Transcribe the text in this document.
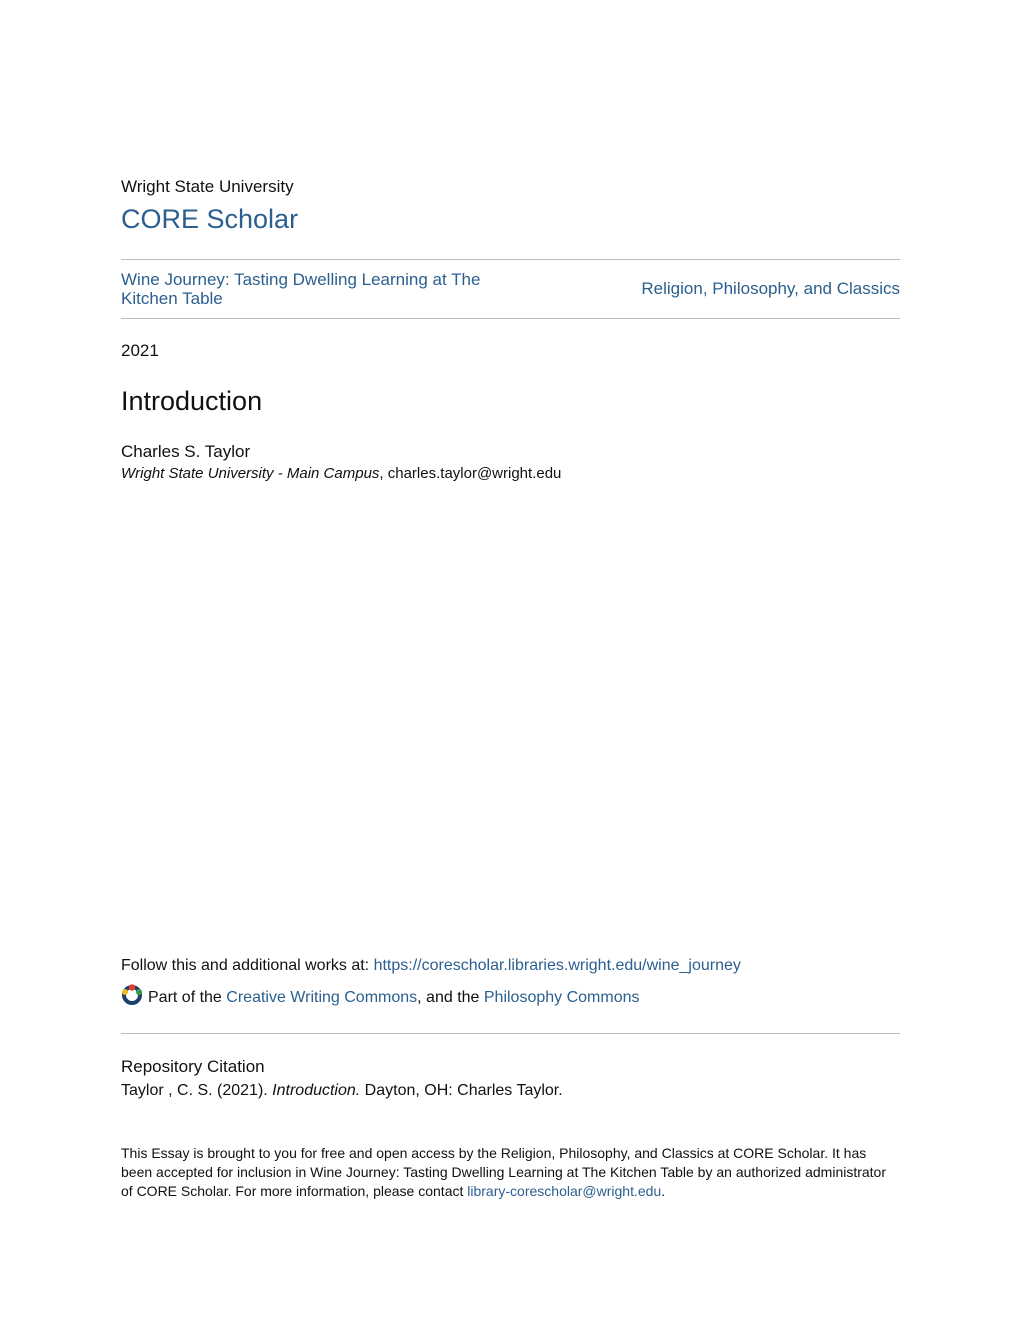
Wright State University
CORE Scholar
Wine Journey: Tasting Dwelling Learning at The Kitchen Table
Religion, Philosophy, and Classics
2021
Introduction
Charles S. Taylor
Wright State University - Main Campus, charles.taylor@wright.edu
Follow this and additional works at: https://corescholar.libraries.wright.edu/wine_journey
Part of the
Creative Writing Commons , and the Philosophy Commons
Repository Citation
Taylor , C. S. (2021). Introduction. Dayton, OH: Charles Taylor.
This Essay is brought to you for free and open access by the Religion, Philosophy, and Classics at CORE Scholar. It has been accepted for inclusion in Wine Journey: Tasting Dwelling Learning at The Kitchen Table by an authorized administrator of CORE Scholar. For more information, please contact library-corescholar@wright.edu.
